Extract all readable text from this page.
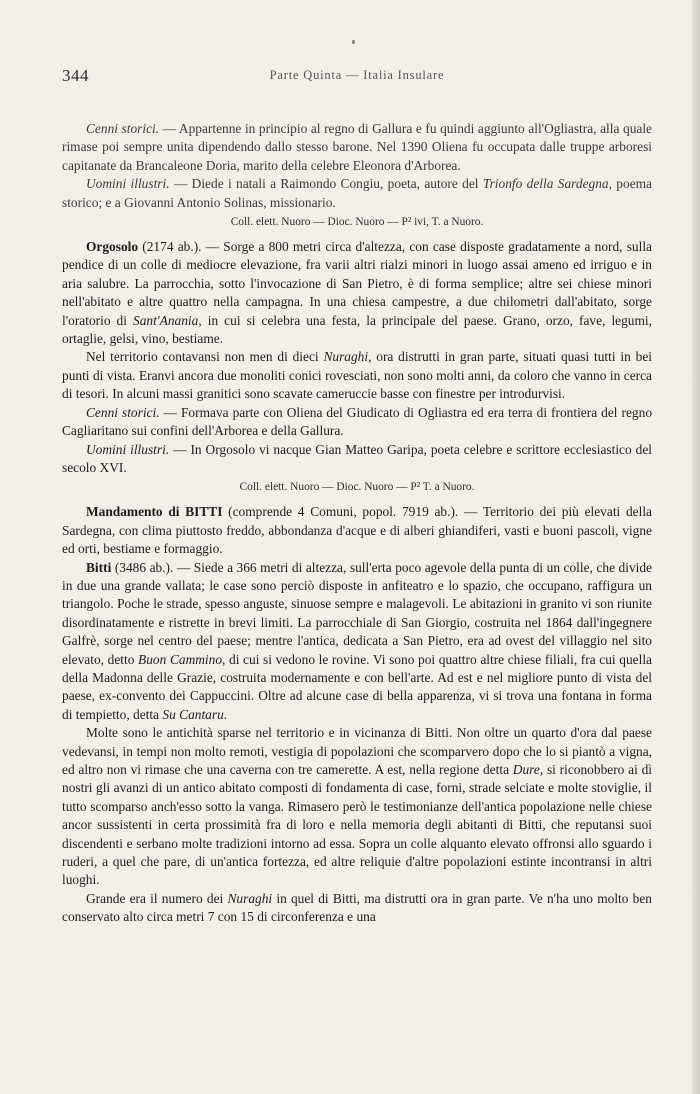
344	Parte Quinta — Italia Insulare

Cenni storici. — Appartenne in principio al regno di Gallura e fu quindi aggiunto all'Ogliastra, alla quale rimase poi sempre unita dipendendo dallo stesso barone. Nel 1390 Oliena fu occupata dalle truppe arboresi capitanate da Brancaleone Doria, marito della celebre Eleonora d'Arborea.

Uomini illustri. — Diede i natali a Raimondo Congiu, poeta, autore del Trionfo della Sardegna, poema storico; e a Giovanni Antonio Solinas, missionario.

Coll. elett. Nuoro — Dioc. Nuoro — P² ivi, T. a Nuoro.

Orgosolo (2174 ab.). — Sorge a 800 metri circa d'altezza, con case disposte gradatamente a nord, sulla pendice di un colle di mediocre elevazione, fra varii altri rialzi minori in luogo assai ameno ed irriguo e in aria salubre. La parrocchia, sotto l'invocazione di San Pietro, è di forma semplice; altre sei chiese minori nell'abitato e altre quattro nella campagna. In una chiesa campestre, a due chilometri dall'abitato, sorge l'oratorio di Sant'Anania, in cui si celebra una festa, la principale del paese. Grano, orzo, fave, legumi, ortaglie, gelsi, vino, bestiame.

Nel territorio contavansi non men di dieci Nuraghi, ora distrutti in gran parte, situati quasi tutti in bei punti di vista. Eranvi ancora due monoliti conici rovesciati, non sono molti anni, da coloro che vanno in cerca di tesori. In alcuni massi granitici sono scavate cameruccie basse con finestre per introdurvisi.

Cenni storici. — Formava parte con Oliena del Giudicato di Ogliastra ed era terra di frontiera del regno Cagliaritano sui confini dell'Arborea e della Gallura.

Uomini illustri. — In Orgosolo vi nacque Gian Matteo Garipa, poeta celebre e scrittore ecclesiastico del secolo XVI.

Coll. elett. Nuoro — Dioc. Nuoro — P² T. a Nuoro.

Mandamento di BITTI (comprende 4 Comuni, popol. 7919 ab.). — Territorio dei più elevati della Sardegna, con clima piuttosto freddo, abbondanza d'acque e di alberi ghiandiferi, vasti e buoni pascoli, vigne ed orti, bestiame e formaggio.

Bitti (3486 ab.). — Siede a 366 metri di altezza, sull'erta poco agevole della punta di un colle, che divide in due una grande vallata; le case sono perciò disposte in anfiteatro e lo spazio, che occupano, raffigura un triangolo. Poche le strade, spesso anguste, sinuose sempre e malagevoli. Le abitazioni in granito vi son riunite disordinatamente e ristrette in brevi limiti. La parrocchiale di San Giorgio, costruita nel 1864 dall'ingegnere Galfrè, sorge nel centro del paese; mentre l'antica, dedicata a San Pietro, era ad ovest del villaggio nel sito elevato, detto Buon Cammino, di cui si vedono le rovine. Vi sono poi quattro altre chiese filiali, fra cui quella della Madonna delle Grazie, costruita modernamente e con bell'arte. Ad est e nel migliore punto di vista del paese, ex-convento dei Cappuccini. Oltre ad alcune case di bella apparenza, vi si trova una fontana in forma di tempietto, detta Su Cantaru.

Molte sono le antichità sparse nel territorio e in vicinanza di Bitti. Non oltre un quarto d'ora dal paese vedevansi, in tempi non molto remoti, vestigia di popolazioni che scomparvero dopo che lo si piantò a vigna, ed altro non vi rimase che una caverna con tre camerette. A est, nella regione detta Dure, si riconobbero ai dì nostri gli avanzi di un antico abitato composti di fondamenta di case, forni, strade selciate e molte stoviglie, il tutto scomparso anch'esso sotto la vanga. Rimasero però le testimonianze dell'antica popolazione nelle chiese ancor sussistenti in certa prossimità fra di loro e nella memoria degli abitanti di Bitti, che reputansi suoi discendenti e serbano molte tradizioni intorno ad essa. Sopra un colle alquanto elevato offronsi allo sguardo i ruderi, a quel che pare, di un'antica fortezza, ed altre reliquie d'altre popolazioni estinte incontransi in altri luoghi.

Grande era il numero dei Nuraghi in quel di Bitti, ma distrutti ora in gran parte. Ve n'ha uno molto ben conservato alto circa metri 7 con 15 di circonferenza e una
